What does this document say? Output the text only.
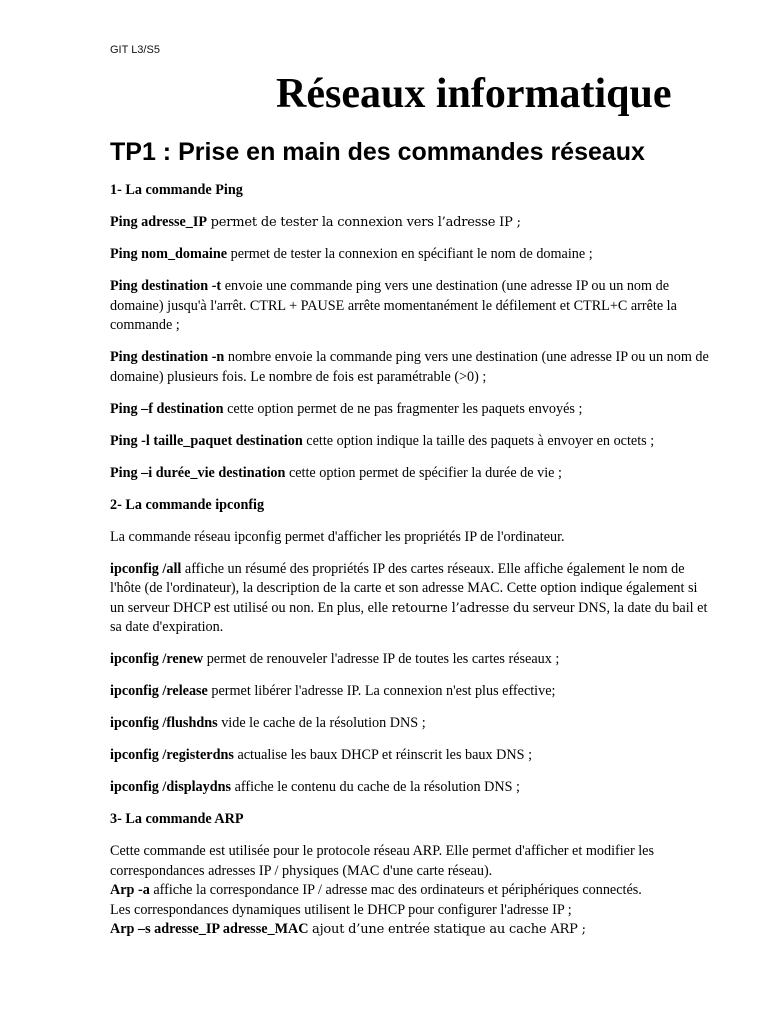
GIT L3/S5
Réseaux informatique
TP1 : Prise en main des commandes réseaux

1- La commande Ping

Ping adresse_IP permet de tester la connexion vers l’adresse IP ;

Ping nom_domaine permet de tester la connexion en spécifiant le nom de domaine ;

Ping destination -t envoie une commande ping vers une destination (une adresse IP ou un nom de domaine) jusqu'à l'arrêt. CTRL + PAUSE arrête momentanément le défilement et CTRL+C arrête la commande ;

Ping destination -n nombre envoie la commande ping vers une destination (une adresse IP ou un nom de domaine) plusieurs fois. Le nombre de fois est paramétrable (>0) ;

Ping –f destination cette option permet de ne pas fragmenter les paquets envoyés ;

Ping -l taille_paquet destination cette option indique la taille des paquets à envoyer en octets ;

Ping –i durée_vie destination cette option permet de spécifier la durée de vie ;

2- La commande ipconfig

La commande réseau ipconfig permet d'afficher les propriétés IP de l'ordinateur.

ipconfig /all affiche un résumé des propriétés IP des cartes réseaux. Elle affiche également le nom de l'hôte (de l'ordinateur), la description de la carte et son adresse MAC. Cette option indique également si un serveur DHCP est utilisé ou non. En plus, elle retourne l’adresse du serveur DNS, la date du bail et sa date d'expiration.

ipconfig /renew permet de renouveler l'adresse IP de toutes les cartes réseaux ;

ipconfig /release permet libérer l'adresse IP. La connexion n'est plus effective;

ipconfig /flushdns vide le cache de la résolution DNS ;

ipconfig /registerdns actualise les baux DHCP et réinscrit les baux DNS ;

ipconfig /displaydns affiche le contenu du cache de la résolution DNS ;

3- La commande ARP

Cette commande est utilisée pour le protocole réseau ARP. Elle permet d'afficher et modifier les correspondances adresses IP / physiques (MAC d'une carte réseau).

Arp -a affiche la correspondance IP / adresse mac des ordinateurs et périphériques connectés.

Les correspondances dynamiques utilisent le DHCP pour configurer l'adresse IP ;

Arp –s adresse_IP adresse_MAC ajout d’une entrée statique au cache ARP ;
